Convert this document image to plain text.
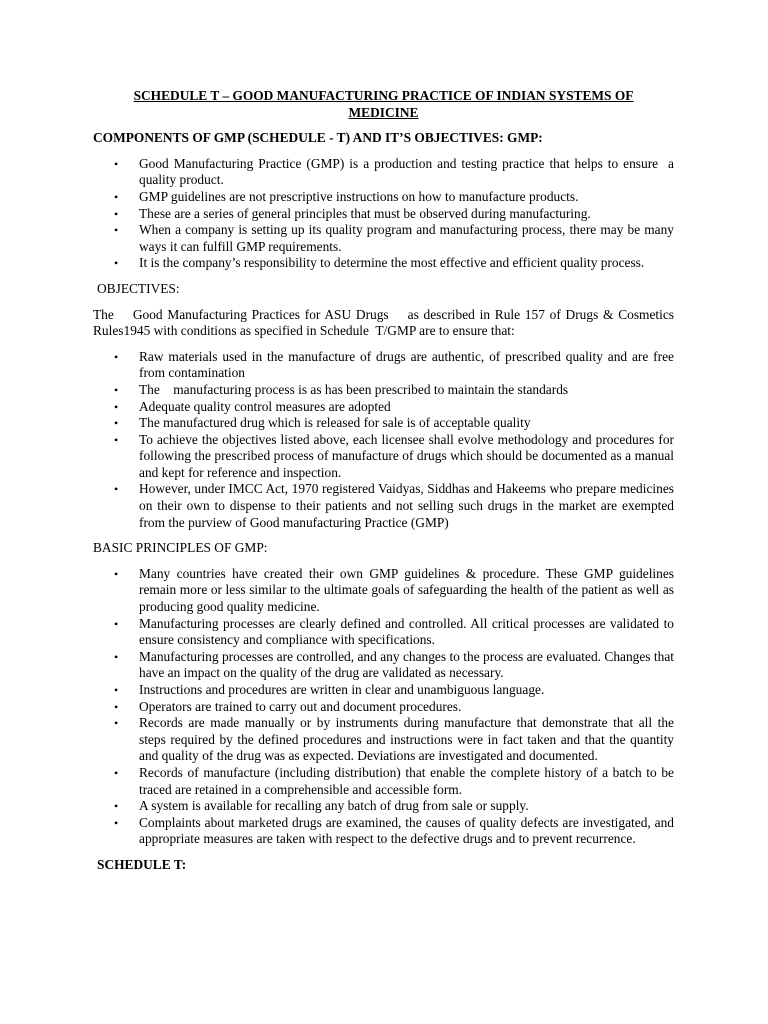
SCHEDULE T – GOOD MANUFACTURING PRACTICE OF INDIAN SYSTEMS OF MEDICINE
COMPONENTS OF GMP (SCHEDULE - T) AND IT’S OBJECTIVES: GMP:
• Good Manufacturing Practice (GMP) is a production and testing practice that helps to ensure  a quality product.
• GMP guidelines are not prescriptive instructions on how to manufacture products.
• These are a series of general principles that must be observed during manufacturing.
• When a company is setting up its quality program and manufacturing process, there may be many ways it can fulfill GMP requirements.
• It is the company’s responsibility to determine the most effective and efficient quality process.
OBJECTIVES:

The    Good Manufacturing Practices for ASU Drugs    as described in Rule 157 of Drugs & Cosmetics Rules1945 with conditions as specified in Schedule  T/GMP are to ensure that:

• Raw materials used in the manufacture of drugs are authentic, of prescribed quality and are free from contamination
• The    manufacturing process is as has been prescribed to maintain the standards
• Adequate quality control measures are adopted
• The manufactured drug which is released for sale is of acceptable quality
• To achieve the objectives listed above, each licensee shall evolve methodology and procedures for following the prescribed process of manufacture of drugs which should be documented as a manual and kept for reference and inspection.
• However, under IMCC Act, 1970 registered Vaidyas, Siddhas and Hakeems who prepare medicines on their own to dispense to their patients and not selling such drugs in the market are exempted from the purview of Good manufacturing Practice (GMP)
BASIC PRINCIPLES OF GMP:
• Many countries have created their own GMP guidelines & procedure. These GMP guidelines remain more or less similar to the ultimate goals of safeguarding the health of the patient as well as producing good quality medicine.
• Manufacturing processes are clearly defined and controlled. All critical processes are validated to ensure consistency and compliance with specifications.
• Manufacturing processes are controlled, and any changes to the process are evaluated. Changes that have an impact on the quality of the drug are validated as necessary.
• Instructions and procedures are written in clear and unambiguous language.
• Operators are trained to carry out and document procedures.
• Records are made manually or by instruments during manufacture that demonstrate that all the steps required by the defined procedures and instructions were in fact taken and that the quantity and quality of the drug was as expected. Deviations are investigated and documented.
• Records of manufacture (including distribution) that enable the complete history of a batch to be traced are retained in a comprehensible and accessible form.
• A system is available for recalling any batch of drug from sale or supply.
• Complaints about marketed drugs are examined, the causes of quality defects are investigated, and appropriate measures are taken with respect to the defective drugs and to prevent recurrence.
SCHEDULE T:
